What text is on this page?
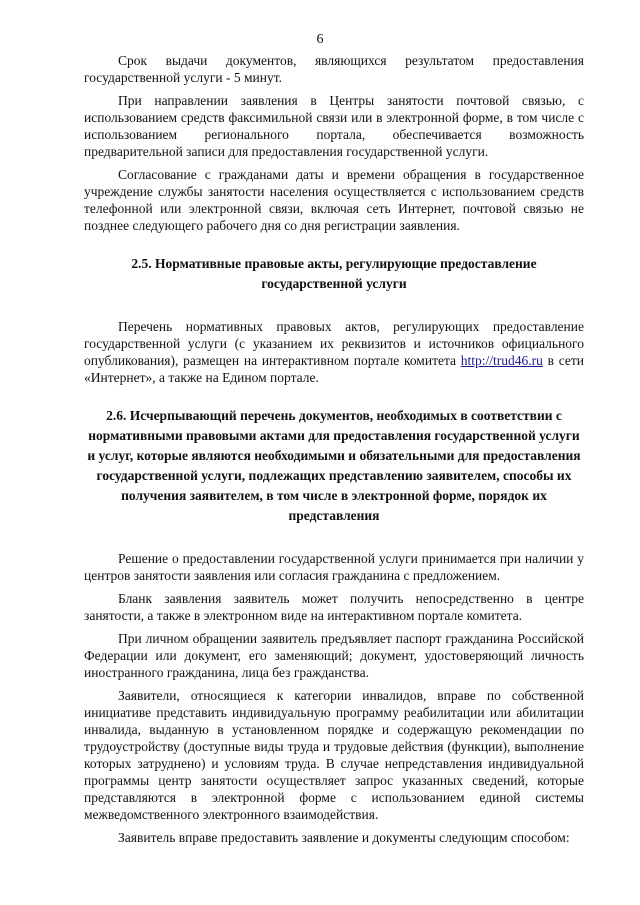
6

Срок выдачи документов, являющихся результатом предоставления государственной услуги - 5 минут.

При направлении заявления в Центры занятости почтовой связью, с использованием средств факсимильной связи или в электронной форме, в том числе с использованием регионального портала, обеспечивается возможность предварительной записи для предоставления государственной услуги.

Согласование с гражданами даты и времени обращения в государственное учреждение службы занятости населения осуществляется с использованием средств телефонной или электронной связи, включая сеть Интернет, почтовой связью не позднее следующего рабочего дня со дня регистрации заявления.

2.5. Нормативные правовые акты, регулирующие предоставление государственной услуги

Перечень нормативных правовых актов, регулирующих предоставление государственной услуги (с указанием их реквизитов и источников официального опубликования), размещен на интерактивном портале комитета http://trud46.ru в сети «Интернет», а также на Едином портале.

2.6. Исчерпывающий перечень документов, необходимых в соответствии с нормативными правовыми актами для предоставления государственной услуги и услуг, которые являются необходимыми и обязательными для предоставления государственной услуги, подлежащих представлению заявителем, способы их получения заявителем, в том числе в электронной форме, порядок их представления

Решение о предоставлении государственной услуги принимается при наличии у центров занятости заявления или согласия гражданина с предложением.

Бланк заявления заявитель может получить непосредственно в центре занятости, а также в электронном виде на интерактивном портале комитета.

При личном обращении заявитель предъявляет паспорт гражданина Российской Федерации или документ, его заменяющий; документ, удостоверяющий личность иностранного гражданина, лица без гражданства.

Заявители, относящиеся к категории инвалидов, вправе по собственной инициативе представить индивидуальную программу реабилитации или абилитации инвалида, выданную в установленном порядке и содержащую рекомендации по трудоустройству (доступные виды труда и трудовые действия (функции), выполнение которых затруднено) и условиям труда. В случае непредставления индивидуальной программы центр занятости осуществляет запрос указанных сведений, которые представляются в электронной форме с использованием единой системы межведомственного электронного взаимодействия.

Заявитель вправе предоставить заявление и документы следующим способом:
